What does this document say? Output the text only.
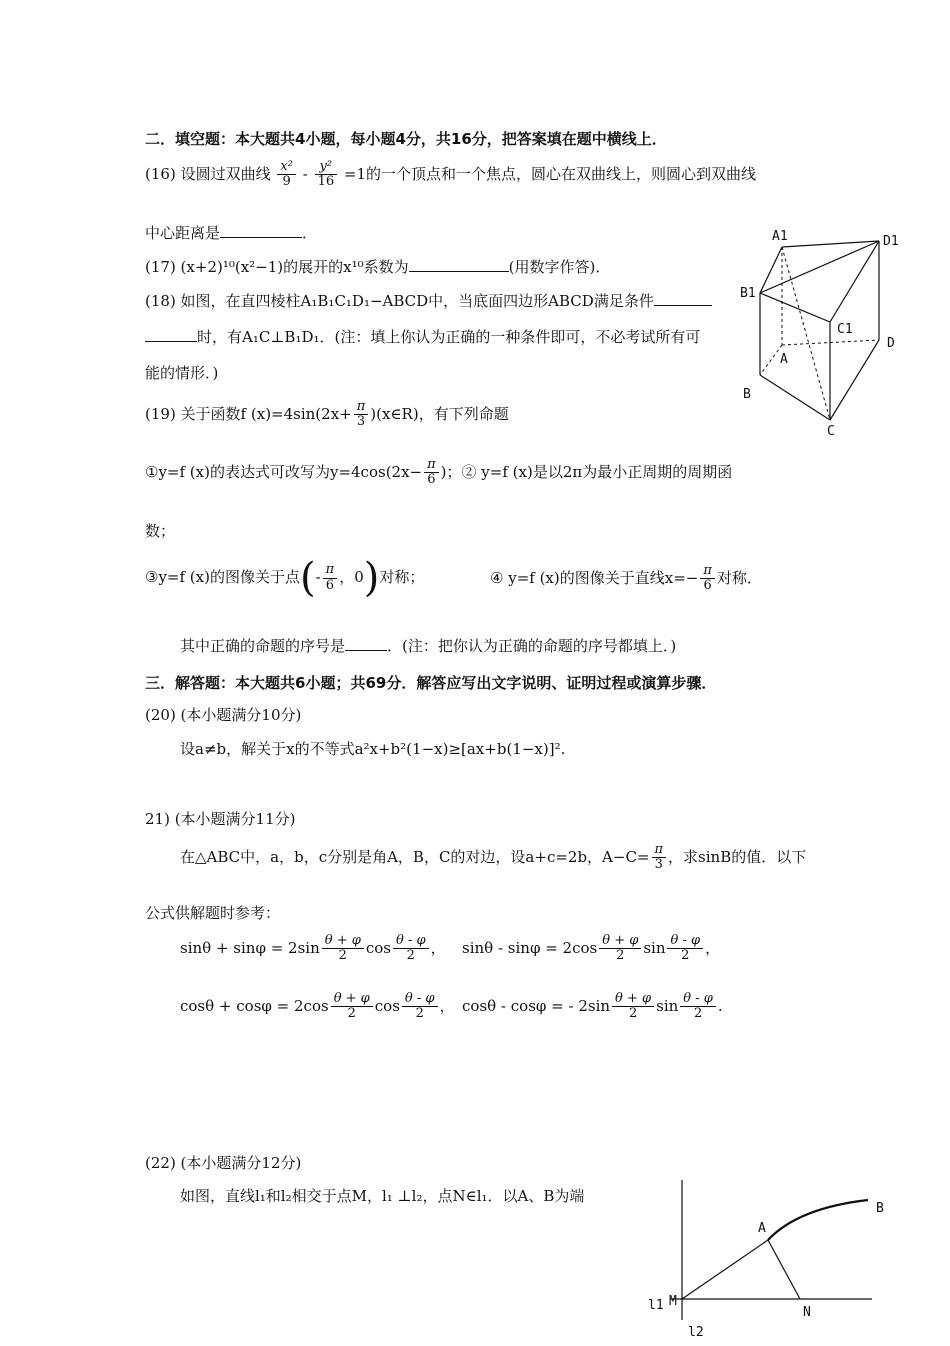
二．填空题：本大题共4小题，每小题4分，共16分，把答案填在题中横线上．
(16) 设圆过双曲线 $\frac{\text{x²}}{9} - \frac{\text{y²}}{16} =1$的一个顶点和一个焦点，圆心在双曲线上，则圆心到双曲线
中心距离是	．
(17) (x+2)¹⁰(x²−1)的展开的x¹⁰系数为	(用数字作答)．
(18) 如图，在直四棱柱A₁B₁C₁D₁−ABCD中，当底面四边形ABCD满足条件
时，有A₁C⊥B₁D₁．(注：填上你认为正确的一种条件即可，不必考试所有可
能的情形．)
A1	D1
B1
C1
D
A
B
C
(19) 关于函数f $(x)=4\sin(2x+ \frac{\pi}{3}$ )(x∈R)，有下列命题
①y=f (x)的表达式可改写为$y=4\cos(2x- \frac{\pi}{6}$ )；② y=f (x)是以2π为最小正周期的周期函
数；
③y=f (x)的图像关于点(- $\frac{\pi}{6}$ ，0)对称；	④ y=f (x)的图像关于直线$x=- \frac{\pi}{6}$ 对称．
其中正确的命题的序号是	．(注：把你认为正确的命题的序号都填上．)
三．解答题：本大题共6小题；共69分．解答应写出文字说明、证明过程或演算步骤．
(20) (本小题满分10分)
设a≠b，解关于x的不等式a²x+b²(1−x)≥[ax+b(1−x)]².
21) (本小题满分11分)
在△ABC中，a，b，c分别是角A，B，C的对边，设a+c=2b，$A-C= \frac{\pi}{3}$ ，求sinB的值．以下
公式供解题时参考：
$\sin\theta + \sin\varphi = 2\sin \frac{\theta + \varphi}{2}$ $\cos \frac{\theta - \varphi}{2}$ ， $\sin\theta - \sin\varphi = 2\cos \frac{\theta + \varphi}{2}$ $\sin \frac{\theta - \varphi}{2}$ ，
$\cos\theta + \cos\varphi = 2\cos \frac{\theta + \varphi}{2}$ $\cos \frac{\theta - \varphi}{2}$ ， cosθ - cosφ = - $2\sin \frac{\theta + \varphi}{2}$ $\sin \frac{\theta - \varphi}{2}$ .
(22) (本小题满分12分)
如图，直线l₁和l₂相交于点M，l₁ ⊥l₂，点N∈l₁．以A、B为端
A
B
N
M
l1
l2
